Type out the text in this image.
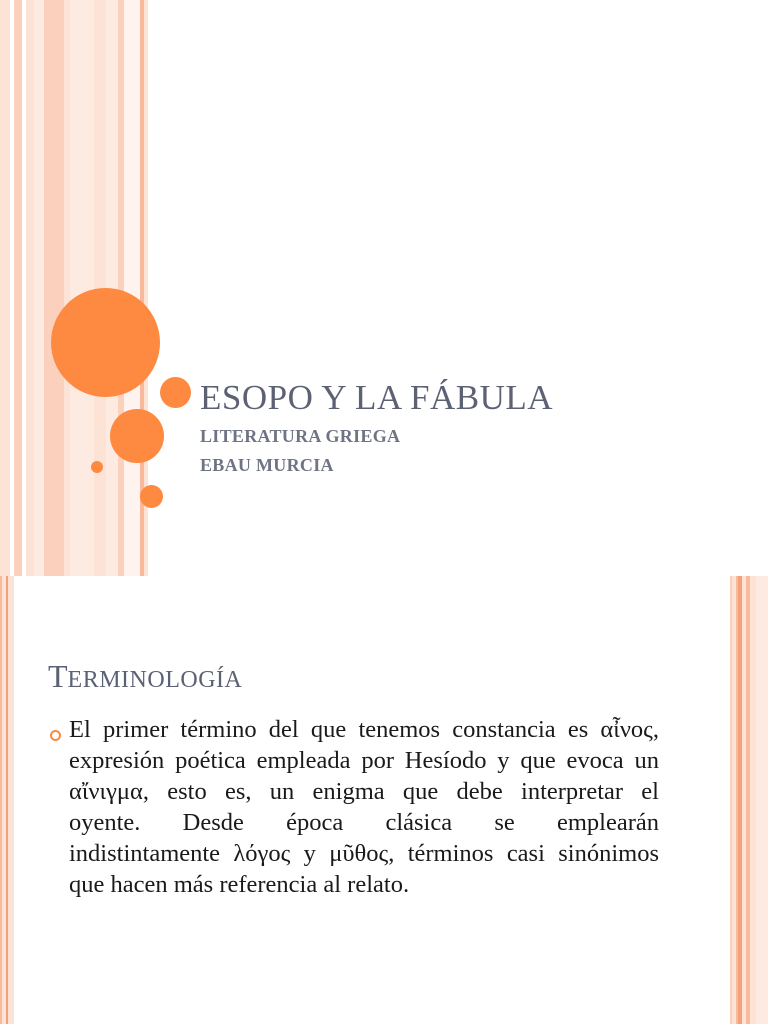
ESOPO Y LA FÁBULA
LITERATURA GRIEGA
EBAU MURCIA
TERMINOLOGÍA
El primer término del que tenemos constancia es αἶνος,
expresión poética empleada por Hesíodo y que evoca un
αἴνιγμα, esto es, un enigma que debe interpretar el
oyente. Desde época clásica se emplearán
indistintamente λόγος y μῦθος, términos casi sinónimos
que hacen más referencia al relato.
